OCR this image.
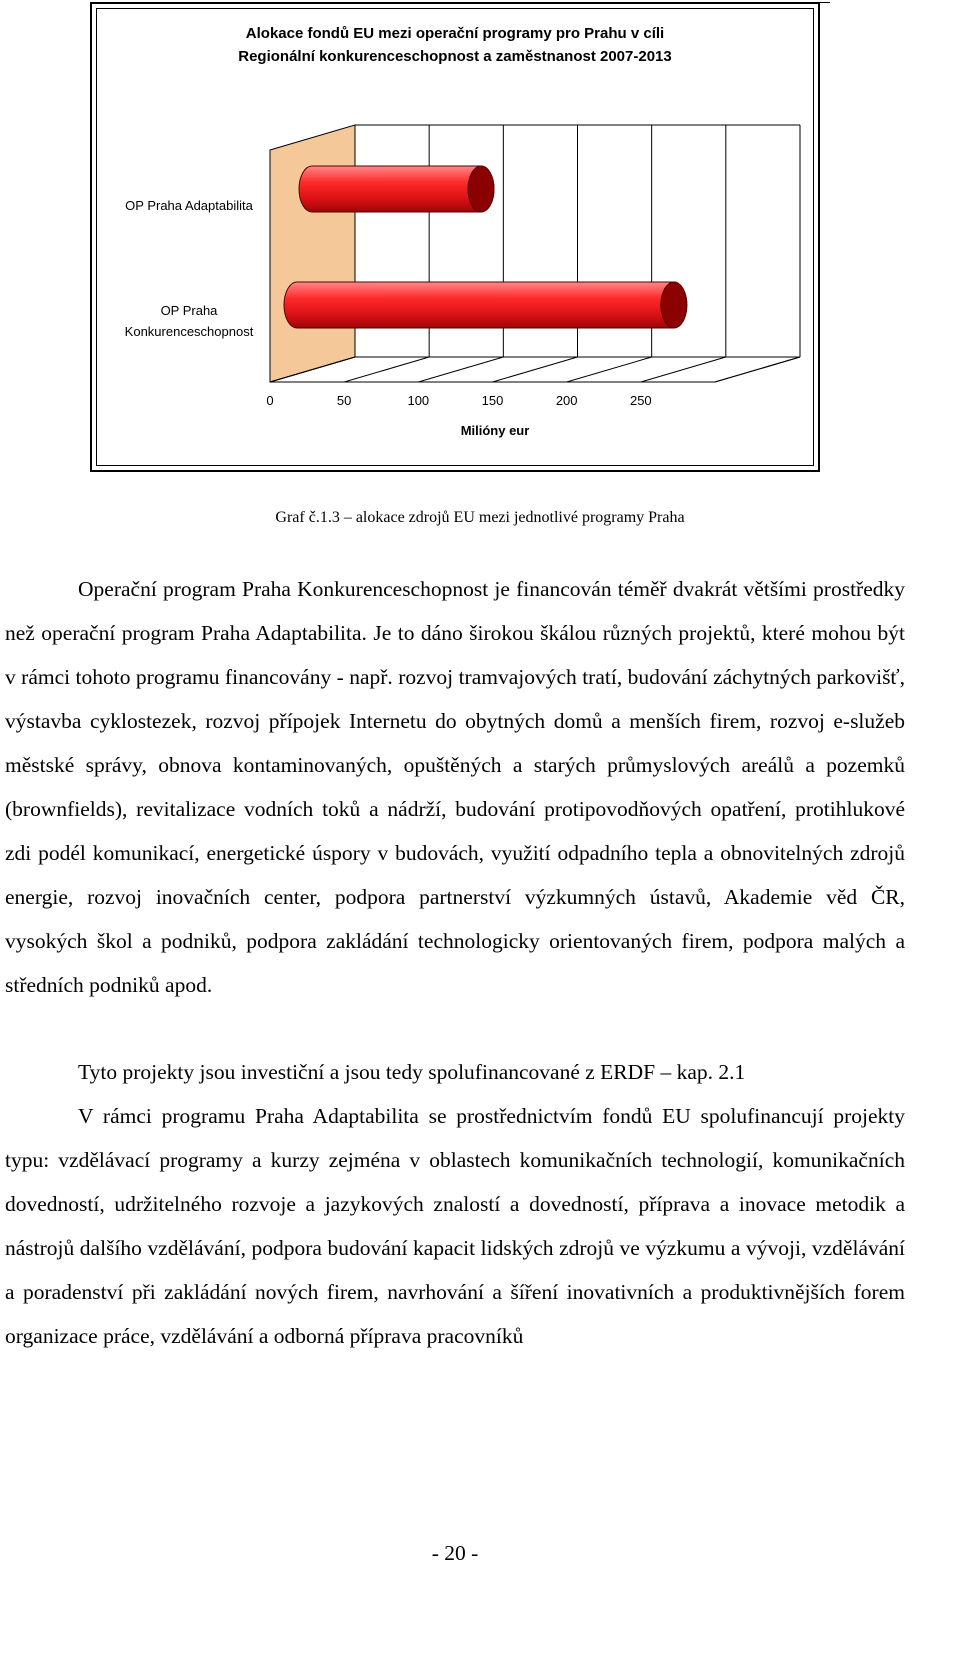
Alokace fondů EU mezi operační programy pro Prahu v cíli
Regionální konkurenceschopnost a zaměstnanost 2007-2013
OP Praha Adaptabilita
OP Praha
Konkurenceschopnost
0	50	100	150	200	250
Milióny eur
Graf č.1.3 – alokace zdrojů EU mezi jednotlivé programy Praha
Operační program Praha Konkurenceschopnost je financován téměř dvakrát většími prostředky než operační program Praha Adaptabilita. Je to dáno širokou škálou různých projektů, které mohou být v rámci tohoto programu financovány - např. rozvoj tramvajových tratí, budování záchytných parkovišť, výstavba cyklostezek, rozvoj přípojek Internetu do obytných domů a menších firem, rozvoj e-služeb městské správy, obnova kontaminovaných, opuštěných a starých průmyslových areálů a pozemků (brownfields), revitalizace vodních toků a nádrží, budování protipovodňových opatření, protihlukové zdi podél komunikací, energetické úspory v budovách, využití odpadního tepla a obnovitelných zdrojů energie, rozvoj inovačních center, podpora partnerství výzkumných ústavů, Akademie věd ČR, vysokých škol a podniků, podpora zakládání technologicky orientovaných firem, podpora malých a středních podniků apod.
Tyto projekty jsou investiční a jsou tedy spolufinancované z ERDF – kap. 2.1
V rámci programu Praha Adaptabilita se prostřednictvím fondů EU spolufinancují projekty typu: vzdělávací programy a kurzy zejména v oblastech komunikačních technologií, komunikačních dovedností, udržitelného rozvoje a jazykových znalostí a dovedností, příprava a inovace metodik a nástrojů dalšího vzdělávání, podpora budování kapacit lidských zdrojů ve výzkumu a vývoji, vzdělávání a poradenství při zakládání nových firem, navrhování a šíření inovativních a produktivnějších forem organizace práce, vzdělávání a odborná příprava pracovníků
- 20 -
